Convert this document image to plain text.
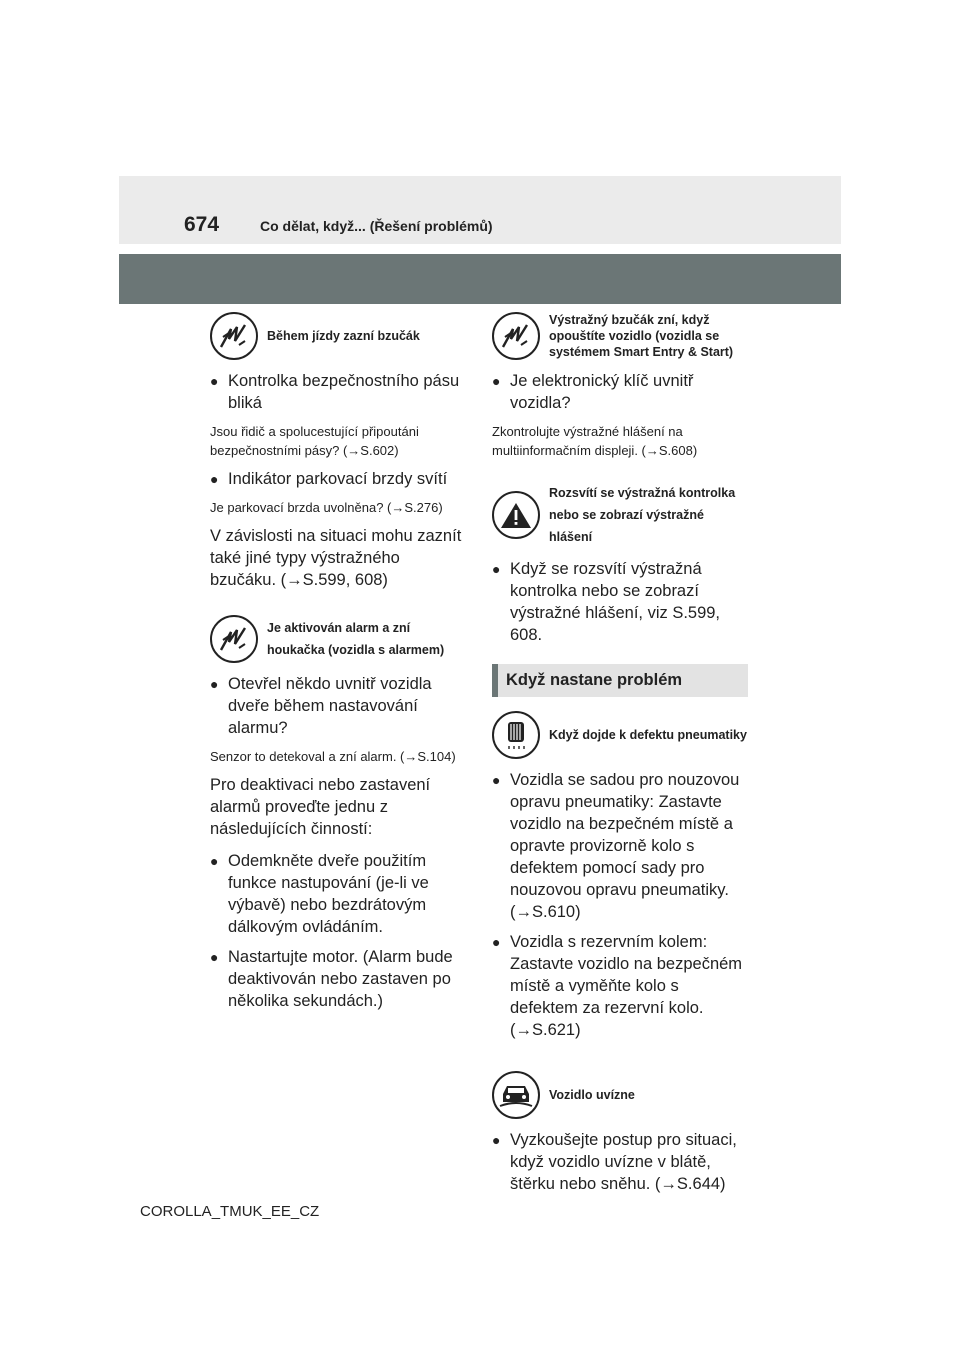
674	Co dělat, když... (Řešení problémů)
Během jízdy zazní bzučák
● Kontrolka bezpečnostního pásu bliká
Jsou řidič a spolucestující připoutáni bezpečnostními pásy? (→S.602)
● Indikátor parkovací brzdy svítí
Je parkovací brzda uvolněna? (→S.276)
V závislosti na situaci mohu zaznít také jiné typy výstražného bzučáku. (→S.599, 608)
Je aktivován alarm a zní houkačka (vozidla s alarmem)
● Otevřel někdo uvnitř vozidla dveře během nastavování alarmu?
Senzor to detekoval a zní alarm. (→S.104)
Pro deaktivaci nebo zastavení alarmů proveďte jednu z následujících činností:
● Odemkněte dveře použitím funkce nastupování (je-li ve výbavě) nebo bezdrátovým dálkovým ovládáním.
● Nastartujte motor. (Alarm bude deaktivován nebo zastaven po několika sekundách.)
Výstražný bzučák zní, když opouštíte vozidlo (vozidla se systémem Smart Entry & Start)
● Je elektronický klíč uvnitř vozidla?
Zkontrolujte výstražné hlášení na multiinformačním displeji. (→S.608)
Rozsvítí se výstražná kontrolka nebo se zobrazí výstražné hlášení
● Když se rozsvítí výstražná kontrolka nebo se zobrazí výstražné hlášení, viz S.599, 608.
Když nastane problém
Když dojde k defektu pneumatiky
● Vozidla se sadou pro nouzovou opravu pneumatiky: Zastavte vozidlo na bezpečném místě a opravte provizorně kolo s defektem pomocí sady pro nouzovou opravu pneumatiky. (→S.610)
● Vozidla s rezervním kolem: Zastavte vozidlo na bezpečném místě a vyměňte kolo s defektem za rezervní kolo. (→S.621)
Vozidlo uvízne
● Vyzkoušejte postup pro situaci, když vozidlo uvízne v blátě, štěrku nebo sněhu. (→S.644)
COROLLA_TMUK_EE_CZ
